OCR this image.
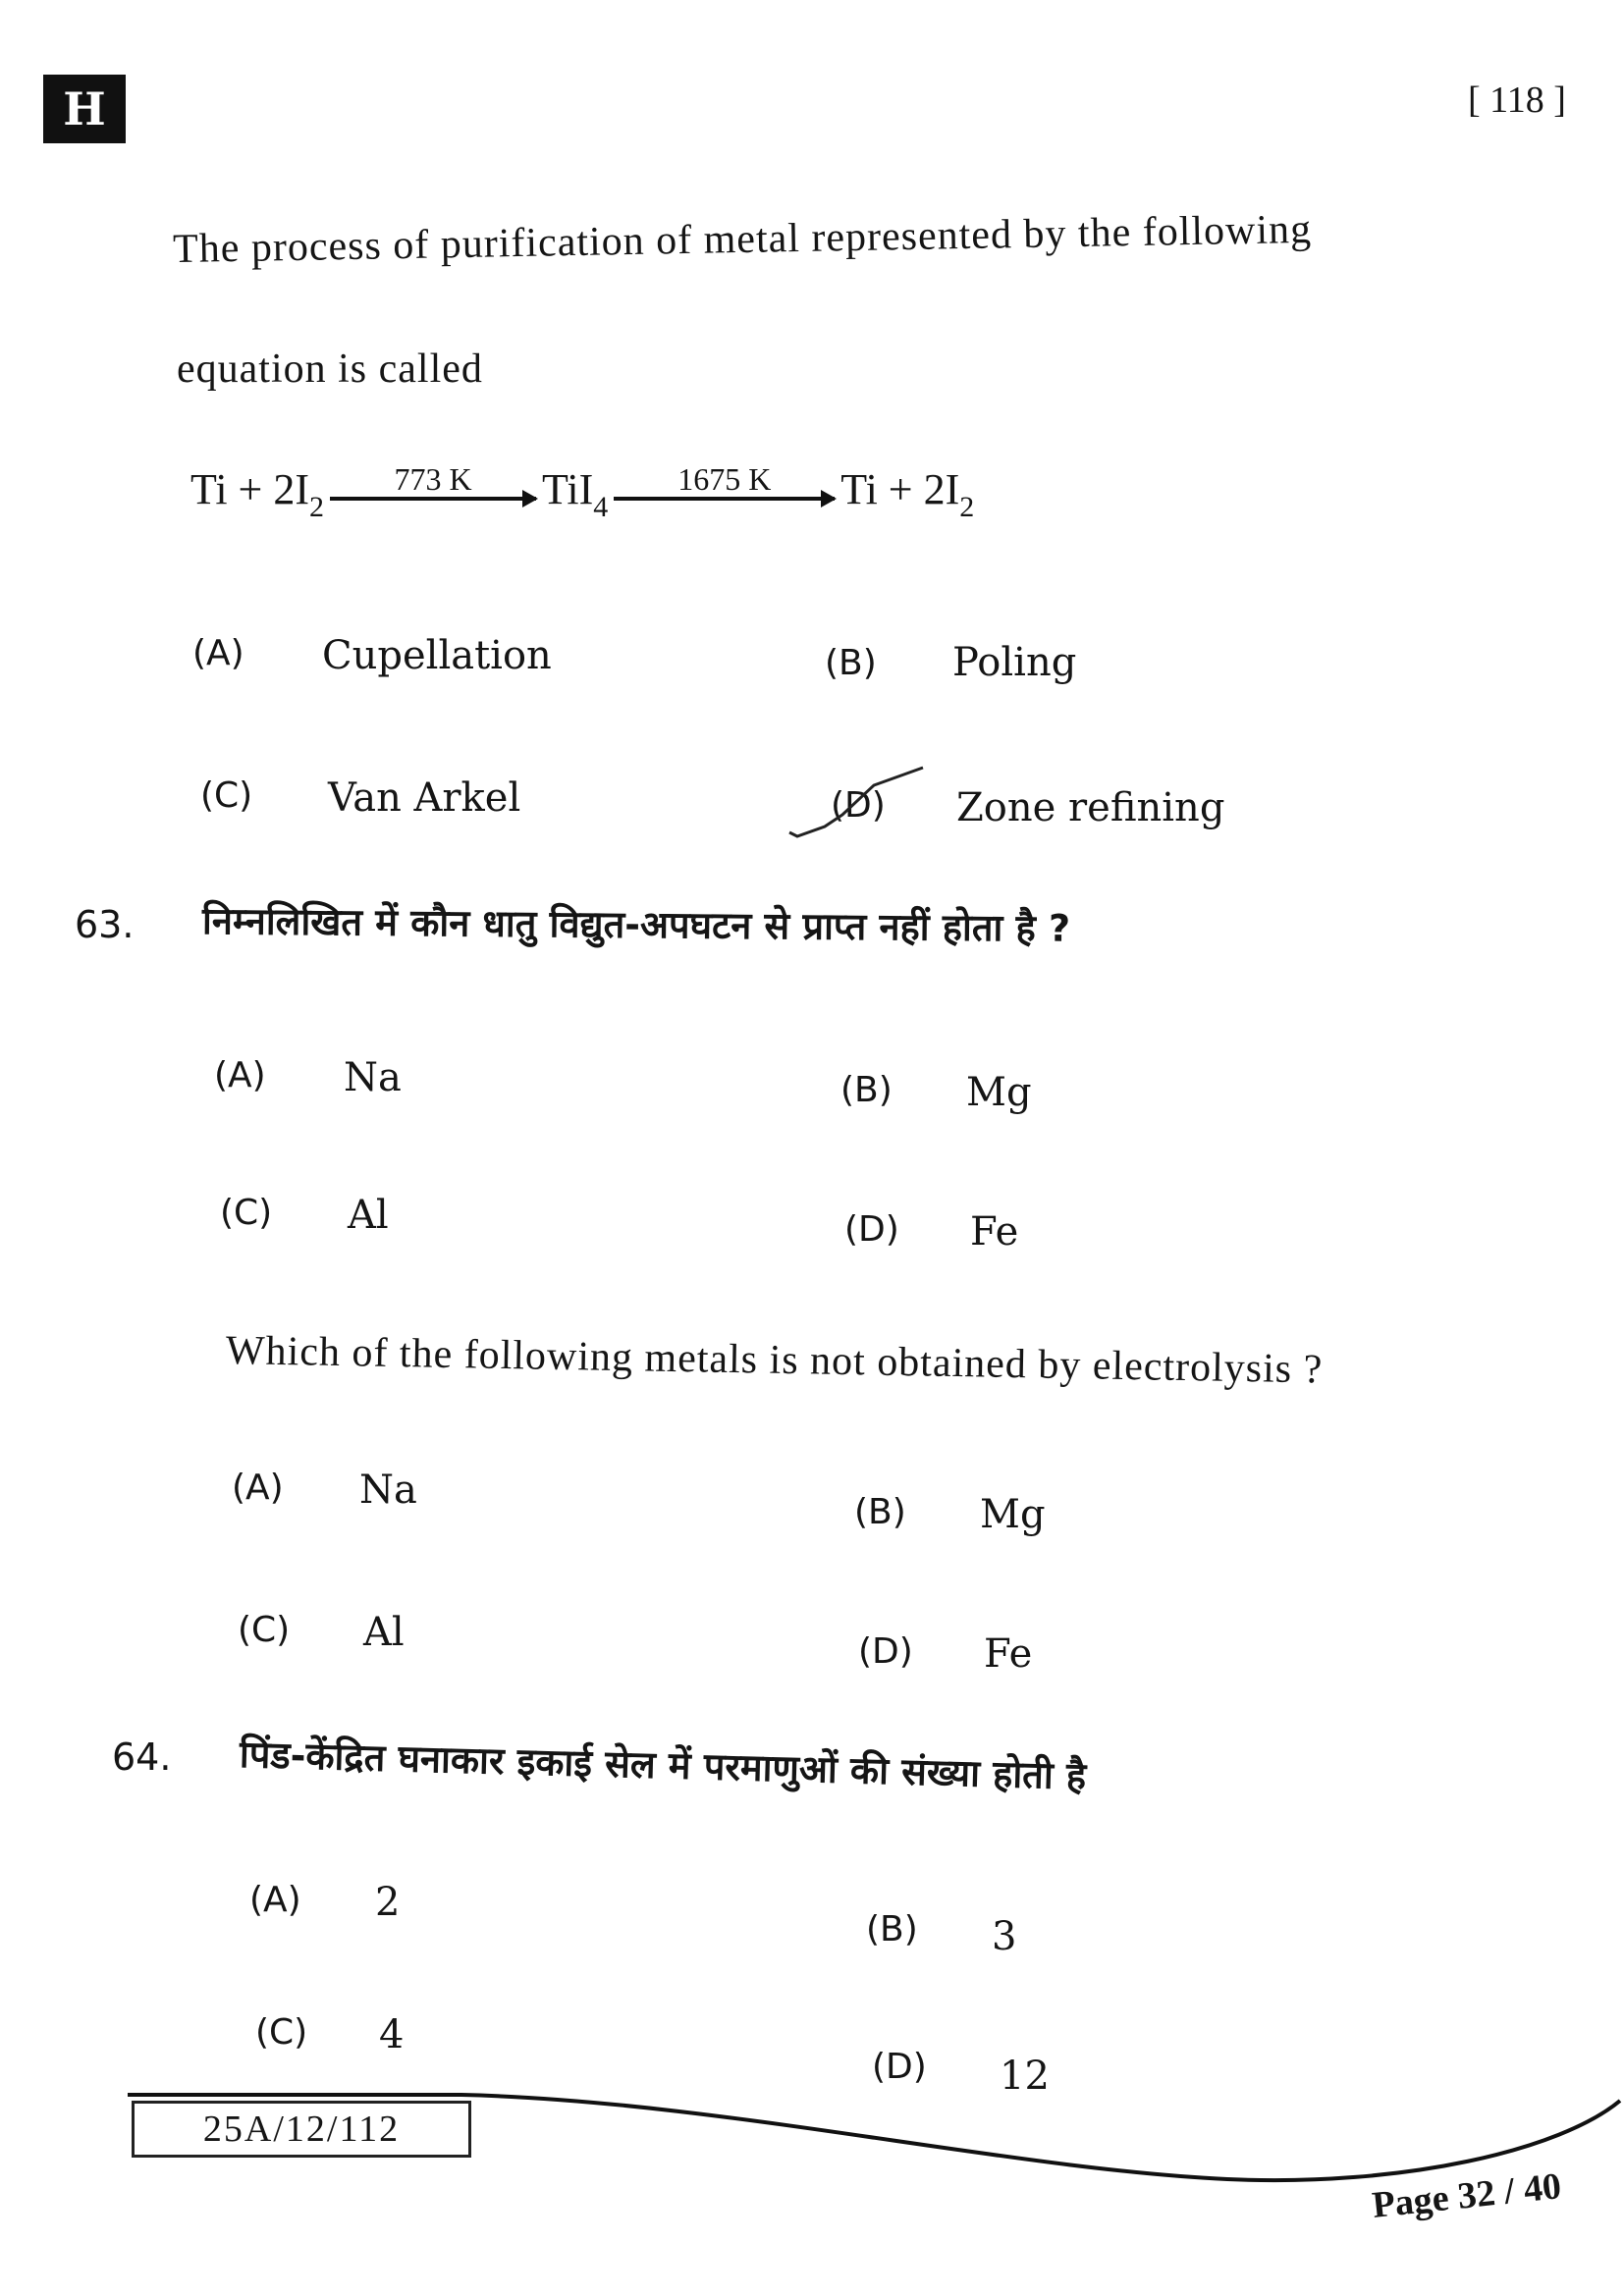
H	[ 118 ]
The process of purification of metal represented by the following
equation is called
$Ti + 2I_2$
773 K TiI$_4$
1675 K $Ti + 2I_2$
(A) Cupellation	(B) Poling
(C) Van Arkel	(D) Zone refining
63. निम्नलिखित में कौन धातु विद्युत-अपघटन से प्राप्त नहीं होता है ?
(A) Na	(B) Mg
(C) Al	(D) Fe
Which of the following metals is not obtained by electrolysis ?
(A) Na	(B) Mg
(C) Al	(D) Fe
64. पिंड-केंद्रित घनाकार इकाई सेल में परमाणुओं की संख्या होती है
(A) 2
(B) 3
(C) 4
(D) 12
25A/12/112
Page 32 / 40
